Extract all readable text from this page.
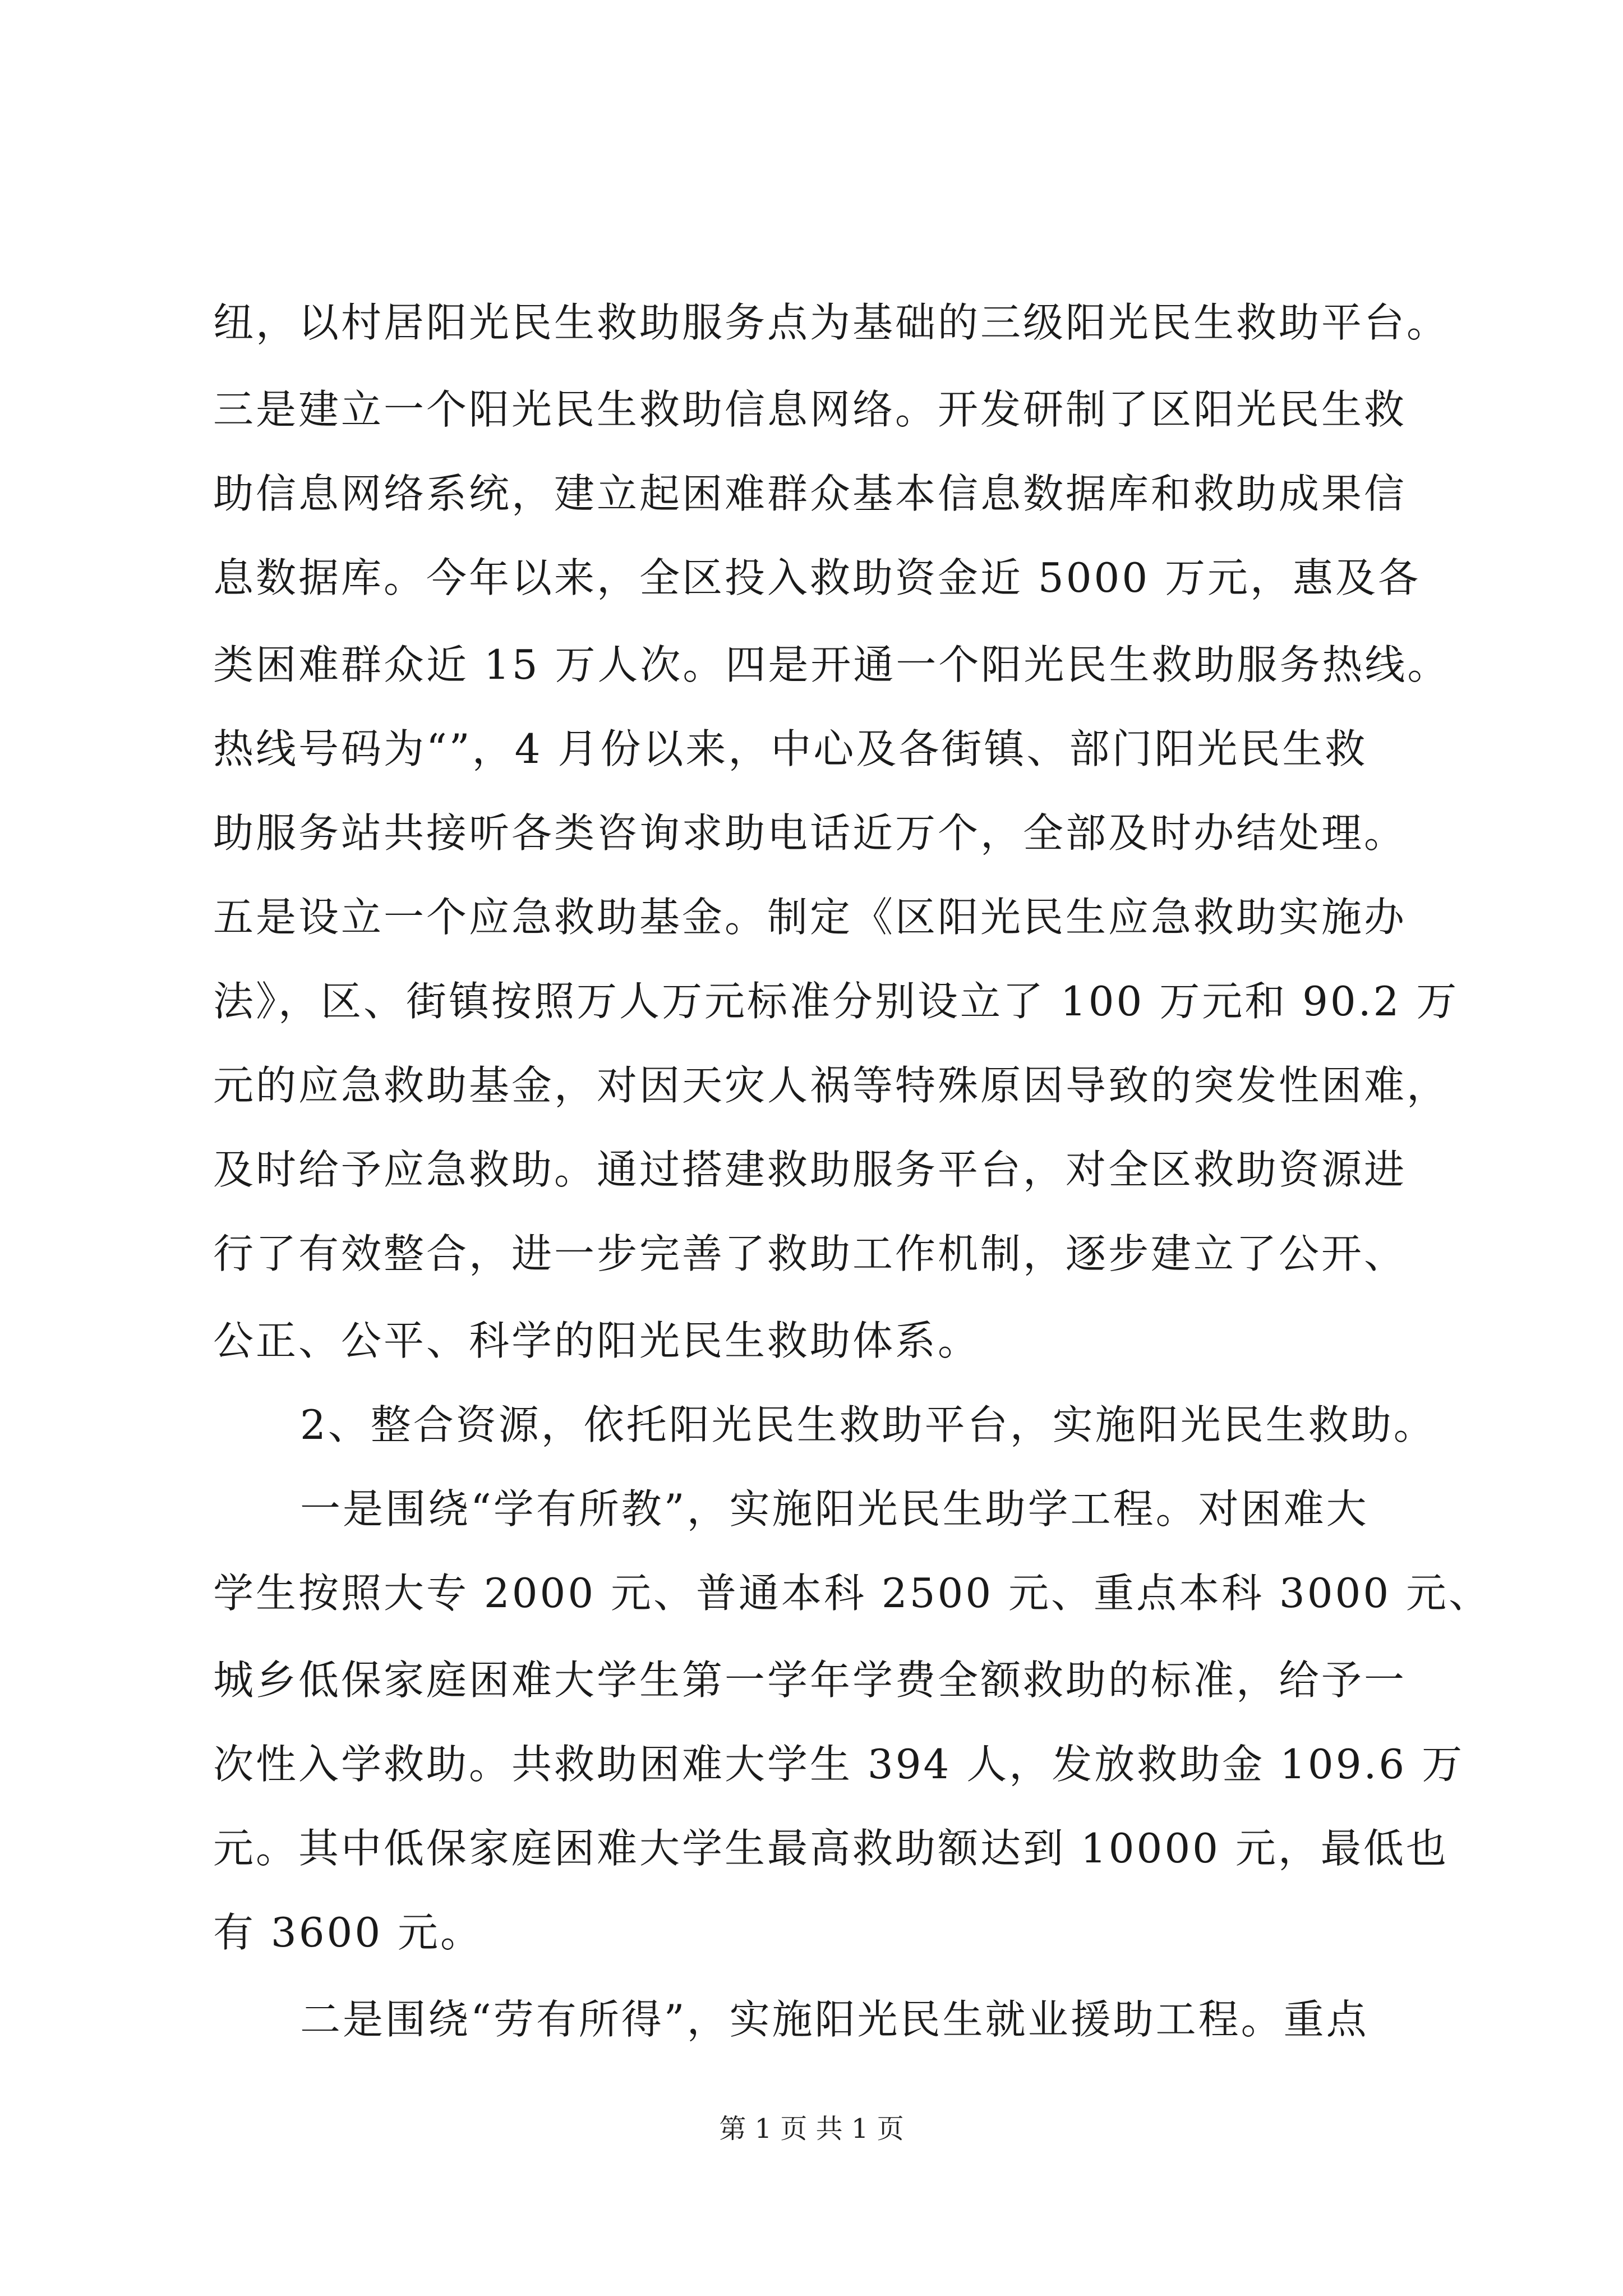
纽，以村居阳光民生救助服务点为基础的三级阳光民生救助平台。
三是建立一个阳光民生救助信息网络。开发研制了区阳光民生救
助信息网络系统，建立起困难群众基本信息数据库和救助成果信
息数据库。今年以来，全区投入救助资金近 5000 万元，惠及各
类困难群众近 15 万人次。四是开通一个阳光民生救助服务热线。
热线号码为“”，4 月份以来，中心及各街镇、部门阳光民生救
助服务站共接听各类咨询求助电话近万个，全部及时办结处理。
五是设立一个应急救助基金。制定《区阳光民生应急救助实施办
法》，区、街镇按照万人万元标准分别设立了 100 万元和 90.2 万
元的应急救助基金，对因天灾人祸等特殊原因导致的突发性困难，
及时给予应急救助。通过搭建救助服务平台，对全区救助资源进
行了有效整合，进一步完善了救助工作机制，逐步建立了公开、
公正、公平、科学的阳光民生救助体系。
2、整合资源，依托阳光民生救助平台，实施阳光民生救助。
一是围绕“学有所教”，实施阳光民生助学工程。对困难大
学生按照大专 2000 元、普通本科 2500 元、重点本科 3000 元、
城乡低保家庭困难大学生第一学年学费全额救助的标准，给予一
次性入学救助。共救助困难大学生 394 人，发放救助金 109.6 万
元。其中低保家庭困难大学生最高救助额达到 10000 元，最低也
有 3600 元。
二是围绕“劳有所得”，实施阳光民生就业援助工程。重点
第 1 页 共 1 页
